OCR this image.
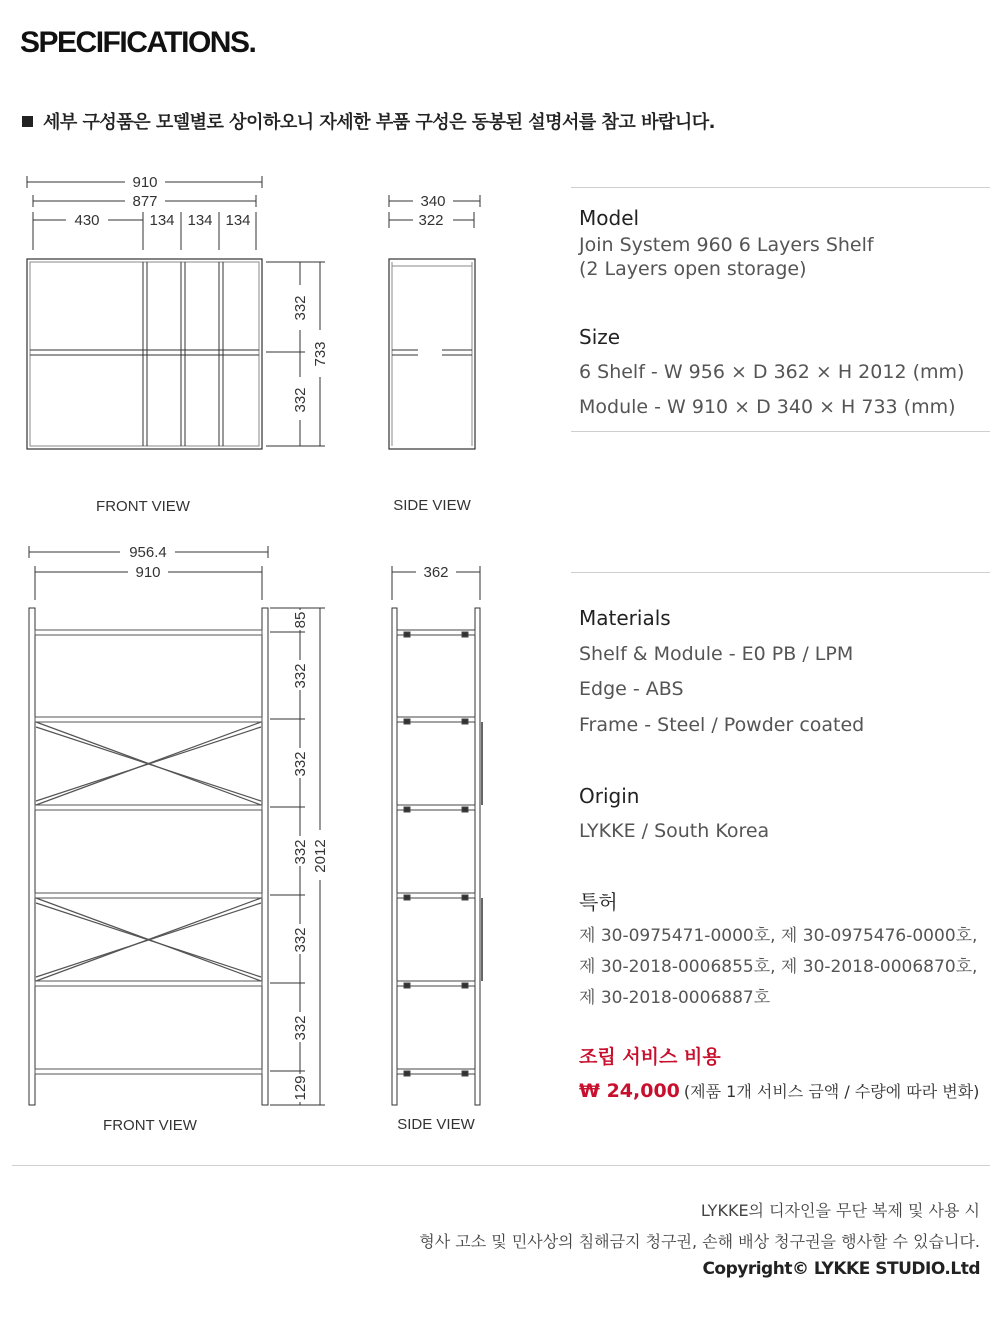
SPECIFICATIONS.
세부 구성품은 모델별로 상이하오니 자세한 부품 구성은 동봉된 설명서를 참고 바랍니다.
910
877
430	134 134 134
332
332
733
FRONT VIEW
340
322
SIDE VIEW
956.4
910
85
332
332
332
332
332
129
2012
FRONT VIEW
362
SIDE VIEW
Model
Join System 960 6 Layers Shelf
(2 Layers open storage)
Size
6 Shelf - W 956 × D 362 × H 2012 (mm)
Module - W 910 × D 340 × H 733 (mm)
Materials
Shelf & Module - E0 PB / LPM
Edge - ABS
Frame - Steel / Powder coated
Origin
LYKKE / South Korea
특허
제 30-0975471-0000호, 제 30-0975476-0000호,
제 30-2018-0006855호, 제 30-2018-0006870호,
제 30-2018-0006887호
조립 서비스 비용
₩ 24,000 (제품 1개 서비스 금액 / 수량에 따라 변화)
LYKKE의 디자인을 무단 복제 및 사용 시
형사 고소 및 민사상의 침해금지 청구권, 손해 배상 청구권을 행사할 수 있습니다.
Copyright© LYKKE STUDIO.Ltd
